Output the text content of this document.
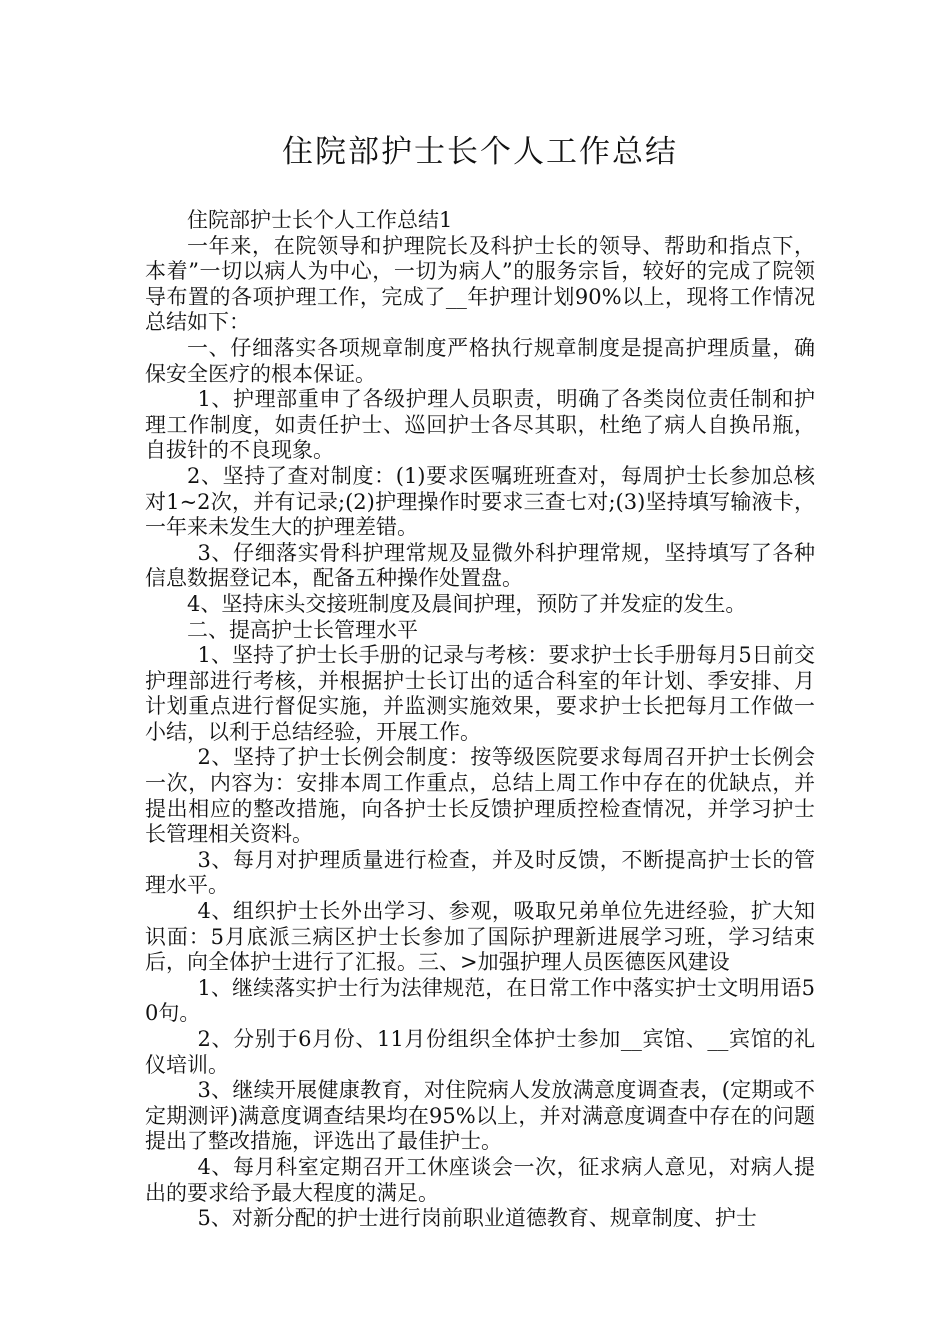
住院部护士长个人工作总结

住院部护士长个人工作总结1

一年来，在院领导和护理院长及科护士长的领导、帮助和指点下，本着”一切以病人为中心，一切为病人”的服务宗旨，较好的完成了院领导布置的各项护理工作，完成了__年护理计划90%以上，现将工作情况总结如下：

一、仔细落实各项规章制度严格执行规章制度是提高护理质量，确保安全医疗的根本保证。

1、护理部重申了各级护理人员职责，明确了各类岗位责任制和护理工作制度，如责任护士、巡回护士各尽其职，杜绝了病人自换吊瓶，自拔针的不良现象。

2、坚持了查对制度：(1)要求医嘱班班查对，每周护士长参加总核对1~2次，并有记录;(2)护理操作时要求三查七对;(3)坚持填写输液卡，一年来未发生大的护理差错。

3、仔细落实骨科护理常规及显微外科护理常规，坚持填写了各种信息数据登记本，配备五种操作处置盘。

4、坚持床头交接班制度及晨间护理，预防了并发症的发生。

二、提高护士长管理水平

1、坚持了护士长手册的记录与考核：要求护士长手册每月5日前交护理部进行考核，并根据护士长订出的适合科室的年计划、季安排、月计划重点进行督促实施，并监测实施效果，要求护士长把每月工作做一小结，以利于总结经验，开展工作。

2、坚持了护士长例会制度：按等级医院要求每周召开护士长例会一次，内容为：安排本周工作重点，总结上周工作中存在的优缺点，并提出相应的整改措施，向各护士长反馈护理质控检查情况，并学习护士长管理相关资料。

3、每月对护理质量进行检查，并及时反馈，不断提高护士长的管理水平。

4、组织护士长外出学习、参观，吸取兄弟单位先进经验，扩大知识面：5月底派三病区护士长参加了国际护理新进展学习班，学习结束后，向全体护士进行了汇报。三、>加强护理人员医德医风建设

1、继续落实护士行为法律规范，在日常工作中落实护士文明用语50句。

2、分别于6月份、11月份组织全体护士参加__宾馆、__宾馆的礼仪培训。

3、继续开展健康教育，对住院病人发放满意度调查表，(定期或不定期测评)满意度调查结果均在95%以上，并对满意度调查中存在的问题提出了整改措施，评选出了最佳护士。

4、每月科室定期召开工休座谈会一次，征求病人意见，对病人提出的要求给予最大程度的满足。

5、对新分配的护士进行岗前职业道德教育、规章制度、护士
